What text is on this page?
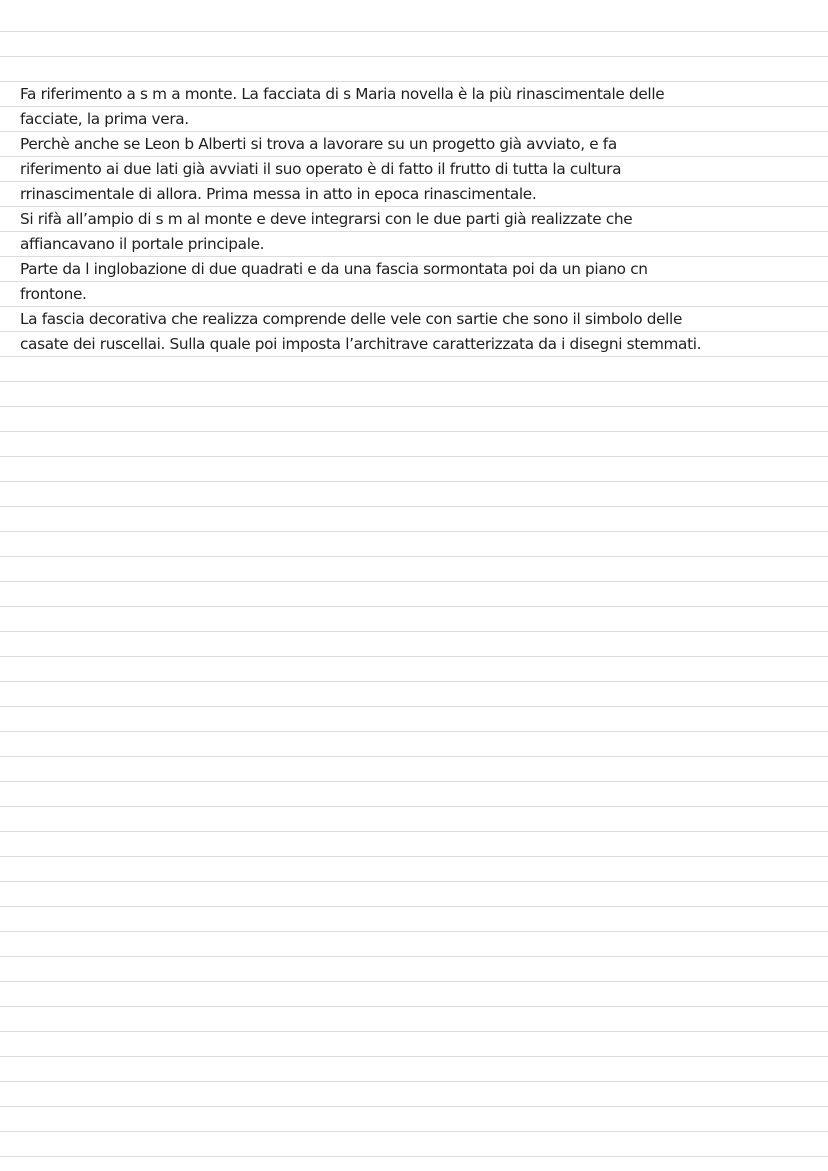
Fa riferimento a s m a monte. La facciata di s Maria novella è la più rinascimentale delle
facciate, la prima vera.
Perchè anche se Leon b Alberti si trova a lavorare su un progetto già avviato, e fa
riferimento ai due lati già avviati il suo operato è di fatto il frutto di tutta la cultura
rrinascimentale di allora. Prima messa in atto in epoca rinascimentale.
Si rifà all’ampio di s m al monte e deve integrarsi con le due parti già realizzate che
affiancavano il portale principale.
Parte da l inglobazione di due quadrati e da una fascia sormontata poi da un piano cn
frontone.
La fascia decorativa che realizza comprende delle vele con sartie che sono il simbolo delle
casate dei ruscellai. Sulla quale poi imposta l’architrave caratterizzata da i disegni stemmati.
